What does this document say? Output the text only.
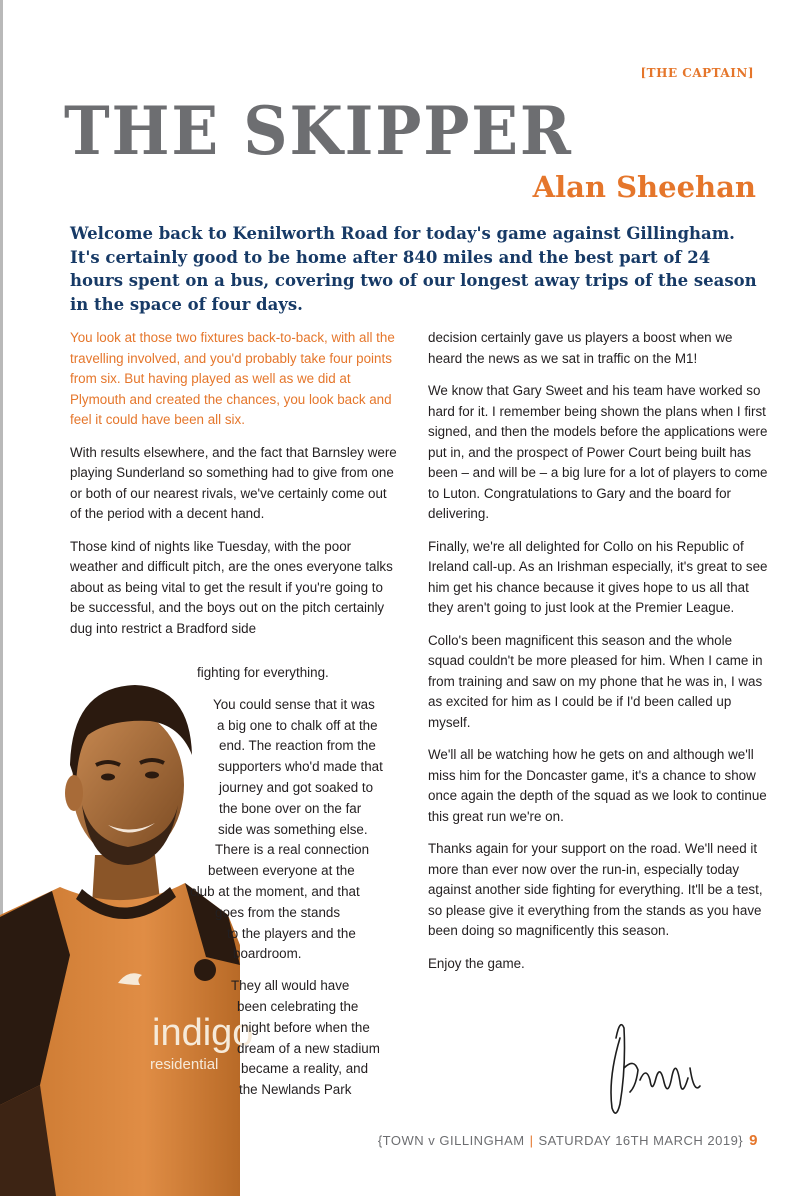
[THE CAPTAIN]
THE SKIPPER
Alan Sheehan

Welcome back to Kenilworth Road for today's game against Gillingham. It's certainly good to be home after 840 miles and the best part of 24 hours spent on a bus, covering two of our longest away trips of the season in the space of four days.

You look at those two fixtures back-to-back, with all the travelling involved, and you'd probably take four points from six. But having played as well as we did at Plymouth and created the chances, you look back and feel it could have been all six.

With results elsewhere, and the fact that Barnsley were playing Sunderland so something had to give from one or both of our nearest rivals, we've certainly come out of the period with a decent hand.

Those kind of nights like Tuesday, with the poor weather and difficult pitch, are the ones everyone talks about as being vital to get the result if you're going to be successful, and the boys out on the pitch certainly dug into restrict a Bradford side

indigo
residential
fighting for everything.
You could sense that it was
a big one to chalk off at the
end. The reaction from the
supporters who'd made that
journey and got soaked to
the bone over on the far
side was something else.
There is a real connection
between everyone at the
club at the moment, and that
goes from the stands
to the players and the
boardroom.
They all would have
been celebrating the
night before when the
dream of a new stadium
became a reality, and
the Newlands Park

decision certainly gave us players a boost when we heard the news as we sat in traffic on the M1!

We know that Gary Sweet and his team have worked so hard for it. I remember being shown the plans when I first signed, and then the models before the applications were put in, and the prospect of Power Court being built has been – and will be – a big lure for a lot of players to come to Luton. Congratulations to Gary and the board for delivering.

Finally, we're all delighted for Collo on his Republic of Ireland call-up. As an Irishman especially, it's great to see him get his chance because it gives hope to us all that they aren't going to just look at the Premier League.

Collo's been magnificent this season and the whole squad couldn't be more pleased for him. When I came in from training and saw on my phone that he was in, I was as excited for him as I could be if I'd been called up myself.

We'll all be watching how he gets on and although we'll miss him for the Doncaster game, it's a chance to show once again the depth of the squad as we look to continue this great run we're on.

Thanks again for your support on the road. We'll need it more than ever now over the run-in, especially today against another side fighting for everything. It'll be a test, so please give it everything from the stands as you have been doing so magnificently this season.

Enjoy the game.

{TOWN v GILLINGHAM | SATURDAY 16TH MARCH 2019} 9
